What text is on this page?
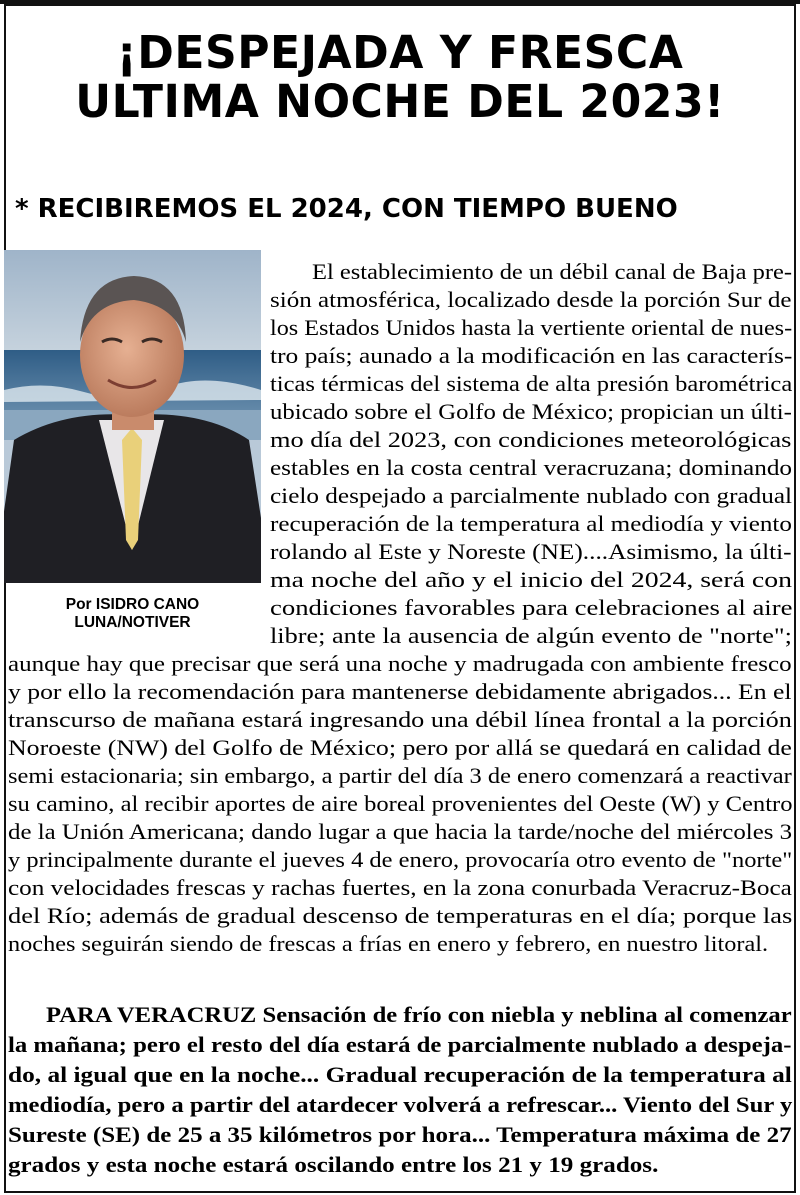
¡DESPEJADA Y FRESCA
ULTIMA NOCHE DEL 2023!
* RECIBIREMOS EL 2024, CON TIEMPO BUENO
Por ISIDRO CANO
LUNA/NOTIVER
El establecimiento de un débil canal de Baja pre-
sión atmosférica, localizado desde la porción Sur de
los Estados Unidos hasta la vertiente oriental de nues-
tro país; aunado a la modificación en las caracterís-
ticas térmicas del sistema de alta presión barométrica
ubicado sobre el Golfo de México; propician un últi-
mo día del 2023, con condiciones meteorológicas
estables en la costa central veracruzana; dominando
cielo despejado a parcialmente nublado con gradual
recuperación de la temperatura al mediodía y viento
rolando al Este y Noreste (NE)....Asimismo, la últi-
ma noche del año y el inicio del 2024, será con
condiciones favorables para celebraciones al aire
libre; ante la ausencia de algún evento de "norte";
aunque hay que precisar que será una noche y madrugada con ambiente fresco
y por ello la recomendación para mantenerse debidamente abrigados... En el
transcurso de mañana estará ingresando una débil línea frontal a la porción
Noroeste (NW) del Golfo de México; pero por allá se quedará en calidad de
semi estacionaria; sin embargo, a partir del día 3 de enero comenzará a reactivar
su camino, al recibir aportes de aire boreal provenientes del Oeste (W) y Centro
de la Unión Americana; dando lugar a que hacia la tarde/noche del miércoles 3
y principalmente durante el jueves 4 de enero, provocaría otro evento de "norte"
con velocidades frescas y rachas fuertes, en la zona conurbada Veracruz-Boca
del Río; además de gradual descenso de temperaturas en el día; porque las
noches seguirán siendo de frescas a frías en enero y febrero, en nuestro litoral.
PARA VERACRUZ Sensación de frío con niebla y neblina al comenzar
la mañana; pero el resto del día estará de parcialmente nublado a despeja-
do, al igual que en la noche... Gradual recuperación de la temperatura al
mediodía, pero a partir del atardecer volverá a refrescar... Viento del Sur y
Sureste (SE) de 25 a 35 kilómetros por hora... Temperatura máxima de 27
grados y esta noche estará oscilando entre los 21 y 19 grados.
